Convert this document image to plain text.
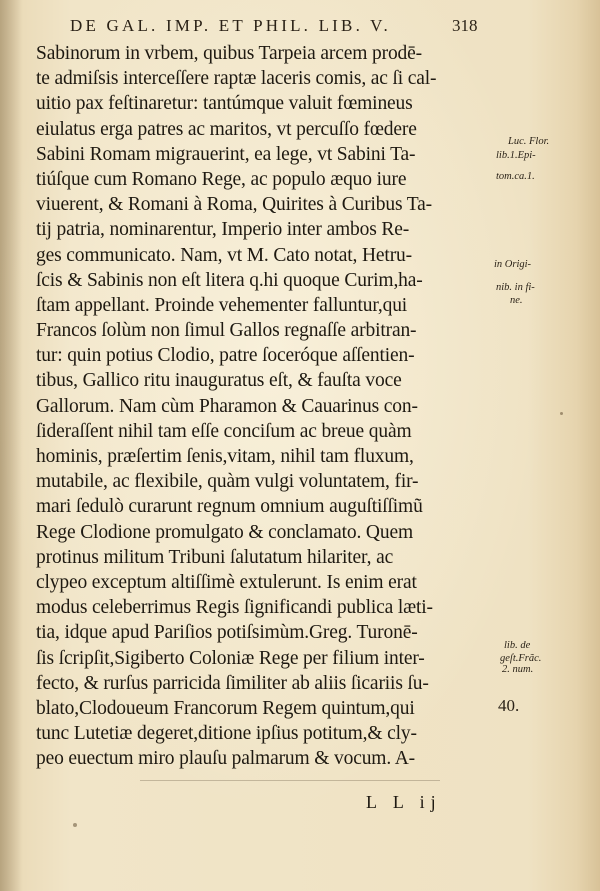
DE GAL. IMP. ET PHIL. LIB. V.	318
Sabinorum in vrbem, quibus Tarpeia arcem prodē-
te admiſsis interceſſere raptæ laceris comis, ac ſi cal-
uitio pax feſtinaretur: tantúmque valuit fœmineus
eiulatus erga patres ac maritos, vt percuſſo fœdere
Sabini Romam migrauerint, ea lege, vt Sabini Ta-
tiúſque cum Romano Rege, ac populo æquo iure
viuerent, & Romani à Roma, Quirites à Curibus Ta-
tij patria, nominarentur, Imperio inter ambos Re-
ges communicato. Nam, vt M. Cato notat, Hetru-
ſcis & Sabinis non eſt litera q.hi quoque Curim,ha-
ſtam appellant. Proinde vehementer falluntur,qui
Francos ſolùm non ſimul Gallos regnaſſe arbitran-
tur: quin potius Clodio, patre ſoceróque aſſentien-
tibus, Gallico ritu inauguratus eſt, & fauſta voce
Gallorum. Nam cùm Pharamon & Cauarinus con-
ſideraſſent nihil tam eſſe conciſum ac breue quàm
hominis, præſertim ſenis,vitam, nihil tam fluxum,
mutabile, ac flexibile, quàm vulgi voluntatem, fir-
mari ſedulò curarunt regnum omnium auguſtiſſimũ
Rege Clodione promulgato & conclamato. Quem
protinus militum Tribuni ſalutatum hilariter, ac
clypeo exceptum altiſſimè extulerunt. Is enim erat
modus celeberrimus Regis ſignificandi publica læti-
tia, idque apud Pariſios potiſsimùm.Greg. Turonē-
ſis ſcripſit,Sigiberto Coloniæ Rege per filium inter-
fecto, & rurſus parricida ſimiliter ab aliis ſicariis ſu-
blato,Clodoueum Francorum Regem quintum,qui
tunc Lutetiæ degeret,ditione ipſius potitum,& cly-
peo euectum miro plauſu palmarum & vocum. A-
Luc. Flor.
lib.1.Epi-
tom.ca.1.
in Origi-
nib. in fi-
ne.
lib. de
geſt.Frãc.
2. num.
40.
L L ij
